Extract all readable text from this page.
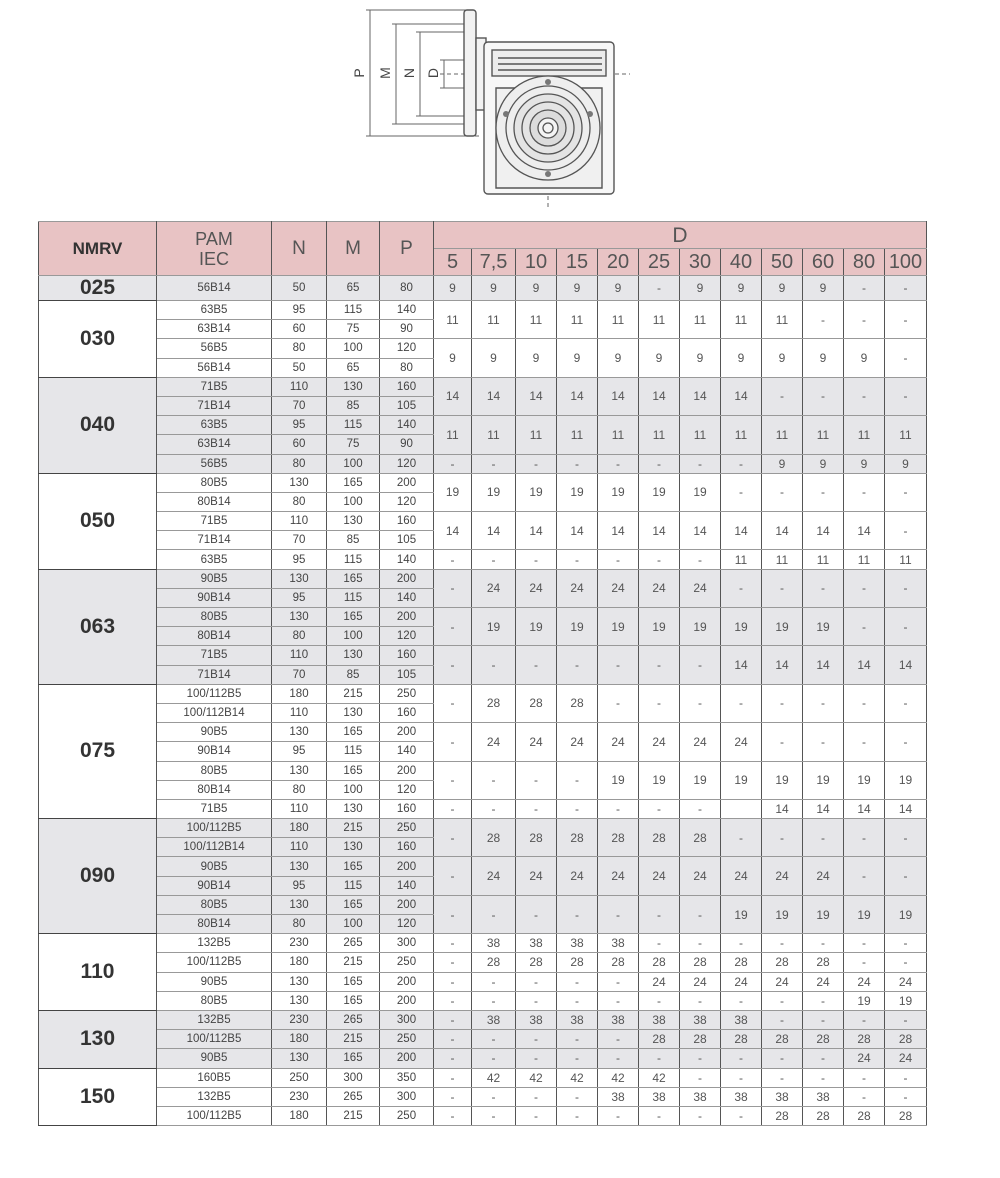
P M N D
NMRV	PAM
IEC	N	M	P	D											
					5	7,5	10	15	20	25	30	40	50	60	80	100
025	56B14	50	65	80	9	9	9	9	9	-	9	9	9	9	-	-
030	63B5	95	115	140	11	11	11	11	11	11	11	11	11	-	-	-
	63B14	60	75	90												
	56B5	80	100	120	9	9	9	9	9	9	9	9	9	9	9	-
	56B14	50	65	80												
040	71B5	110	130	160	14	14	14	14	14	14	14	14	-	-	-	-
	71B14	70	85	105												
	63B5	95	115	140	11	11	11	11	11	11	11	11	11	11	11	11
	63B14	60	75	90												
	56B5	80	100	120	-	-	-	-	-	-	-	-	9	9	9	9
050	80B5	130	165	200	19	19	19	19	19	19	19	-	-	-	-	-
	80B14	80	100	120												
	71B5	110	130	160	14	14	14	14	14	14	14	14	14	14	14	-
	71B14	70	85	105												
	63B5	95	115	140	-	-	-	-	-	-	-	11	11	11	11	11
063	90B5	130	165	200	-	24	24	24	24	24	24	-	-	-	-	-
	90B14	95	115	140												
	80B5	130	165	200	-	19	19	19	19	19	19	19	19	19	-	-
	80B14	80	100	120												
	71B5	110	130	160	-	-	-	-	-	-	-	14	14	14	14	14
	71B14	70	85	105												
075	100/112B5	180	215	250	-	28	28	28	-	-	-	-	-	-	-	-
	100/112B14	110	130	160												
	90B5	130	165	200	-	24	24	24	24	24	24	24	-	-	-	-
	90B14	95	115	140												
	80B5	130	165	200	-	-	-	-	19	19	19	19	19	19	19	19
	80B14	80	100	120												
	71B5	110	130	160	-	-	-	-	-	-	-		14	14	14	14
090	100/112B5	180	215	250	-	28	28	28	28	28	28	-	-	-	-	-
	100/112B14	110	130	160												
	90B5	130	165	200	-	24	24	24	24	24	24	24	24	24	-	-
	90B14	95	115	140												
	80B5	130	165	200	-	-	-	-	-	-	-	19	19	19	19	19
	80B14	80	100	120												
110	132B5	230	265	300	-	38	38	38	38	-	-	-	-	-	-	-
	100/112B5	180	215	250	-	28	28	28	28	28	28	28	28	28	-	-
	90B5	130	165	200	-	-	-	-	-	24	24	24	24	24	24	24
	80B5	130	165	200	-	-	-	-	-	-	-	-	-	-	19	19
130	132B5	230	265	300	-	38	38	38	38	38	38	38	-	-	-	-
	100/112B5	180	215	250	-	-	-	-	-	28	28	28	28	28	28	28
	90B5	130	165	200	-	-	-	-	-	-	-	-	-	-	24	24
150	160B5	250	300	350	-	42	42	42	42	42	-	-	-	-	-	-
	132B5	230	265	300	-	-	-	-	38	38	38	38	38	38	-	-
	100/112B5	180	215	250	-	-	-	-	-	-	-	-	28	28	28	28
